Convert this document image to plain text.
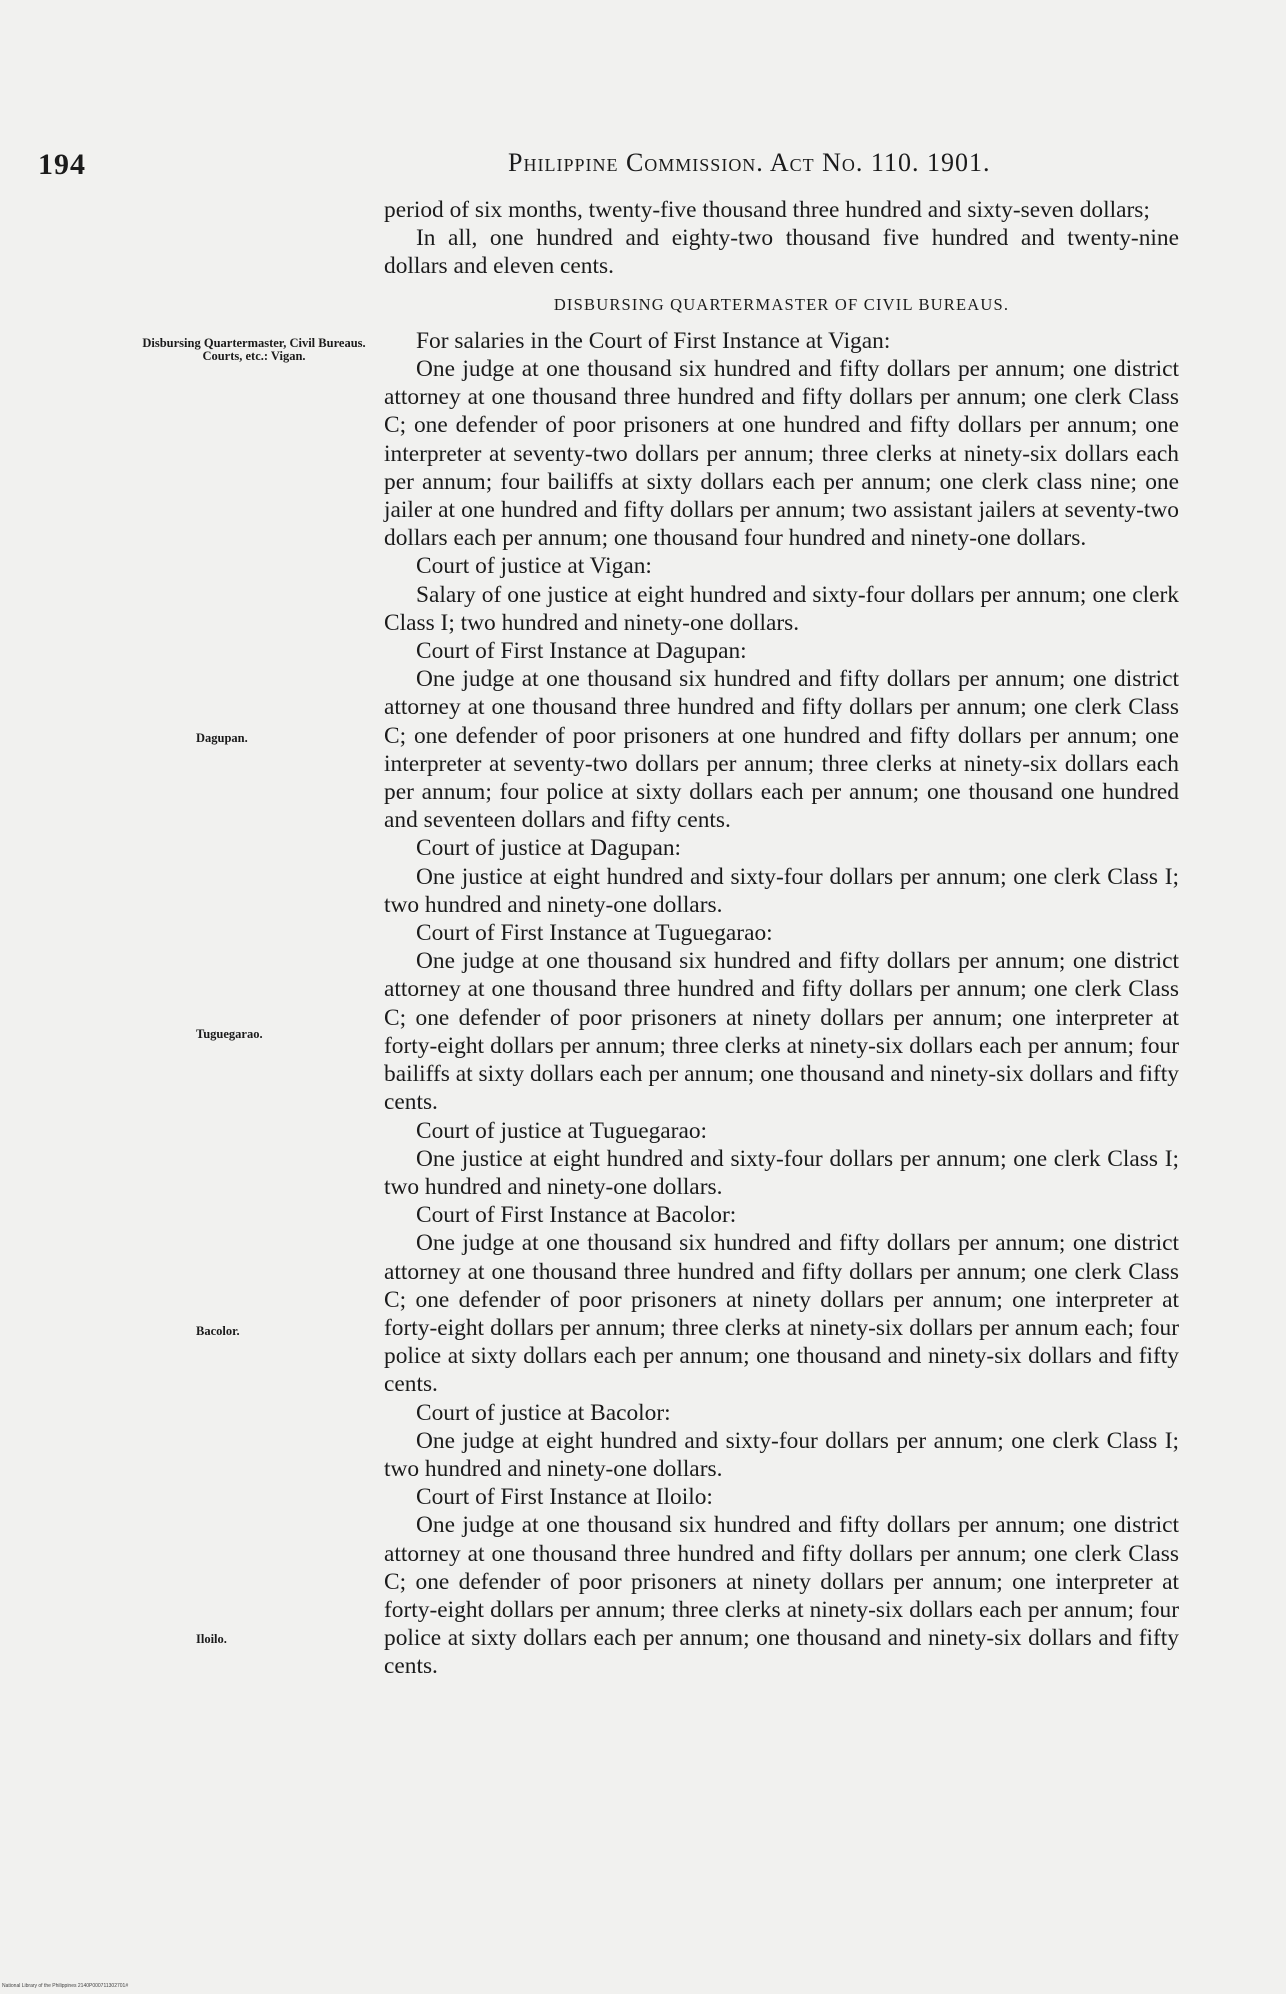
194	Philippine Commission. Act No. 110. 1901.
Disbursing Quartermaster, Civil Bureaus. Courts, etc.: Vigan.
Dagupan.
Tuguegarao.
Bacolor.
Iloilo.

period of six months, twenty-five thousand three hundred and sixty-seven dollars;

In all, one hundred and eighty-two thousand five hundred and twenty-nine dollars and eleven cents.

DISBURSING QUARTERMASTER OF CIVIL BUREAUS.

For salaries in the Court of First Instance at Vigan:

One judge at one thousand six hundred and fifty dollars per annum; one district attorney at one thousand three hundred and fifty dollars per annum; one clerk Class C; one defender of poor prisoners at one hundred and fifty dollars per annum; one interpreter at seventy-two dollars per annum; three clerks at ninety-six dollars each per annum; four bailiffs at sixty dollars each per annum; one clerk class nine; one jailer at one hundred and fifty dollars per annum; two assistant jailers at seventy-two dollars each per annum; one thousand four hundred and ninety-one dollars.

Court of justice at Vigan:

Salary of one justice at eight hundred and sixty-four dollars per annum; one clerk Class I; two hundred and ninety-one dollars.

Court of First Instance at Dagupan:

One judge at one thousand six hundred and fifty dollars per annum; one district attorney at one thousand three hundred and fifty dollars per annum; one clerk Class C; one defender of poor prisoners at one hundred and fifty dollars per annum; one interpreter at seventy-two dollars per annum; three clerks at ninety-six dollars each per annum; four police at sixty dollars each per annum; one thousand one hundred and seventeen dollars and fifty cents.

Court of justice at Dagupan:

One justice at eight hundred and sixty-four dollars per annum; one clerk Class I; two hundred and ninety-one dollars.

Court of First Instance at Tuguegarao:

One judge at one thousand six hundred and fifty dollars per annum; one district attorney at one thousand three hundred and fifty dollars per annum; one clerk Class C; one defender of poor prisoners at ninety dollars per annum; one interpreter at forty-eight dollars per annum; three clerks at ninety-six dollars each per annum; four bailiffs at sixty dollars each per annum; one thousand and ninety-six dollars and fifty cents.

Court of justice at Tuguegarao:

One justice at eight hundred and sixty-four dollars per annum; one clerk Class I; two hundred and ninety-one dollars.

Court of First Instance at Bacolor:

One judge at one thousand six hundred and fifty dollars per annum; one district attorney at one thousand three hundred and fifty dollars per annum; one clerk Class C; one defender of poor prisoners at ninety dollars per annum; one interpreter at forty-eight dollars per annum; three clerks at ninety-six dollars per annum each; four police at sixty dollars each per annum; one thousand and ninety-six dollars and fifty cents.

Court of justice at Bacolor:

One judge at eight hundred and sixty-four dollars per annum; one clerk Class I; two hundred and ninety-one dollars.

Court of First Instance at Iloilo:

One judge at one thousand six hundred and fifty dollars per annum; one district attorney at one thousand three hundred and fifty dollars per annum; one clerk Class C; one defender of poor prisoners at ninety dollars per annum; one interpreter at forty-eight dollars per annum; three clerks at ninety-six dollars each per annum; four police at sixty dollars each per annum; one thousand and ninety-six dollars and fifty cents.

National Library of the Philippines 2140P000711302701#
